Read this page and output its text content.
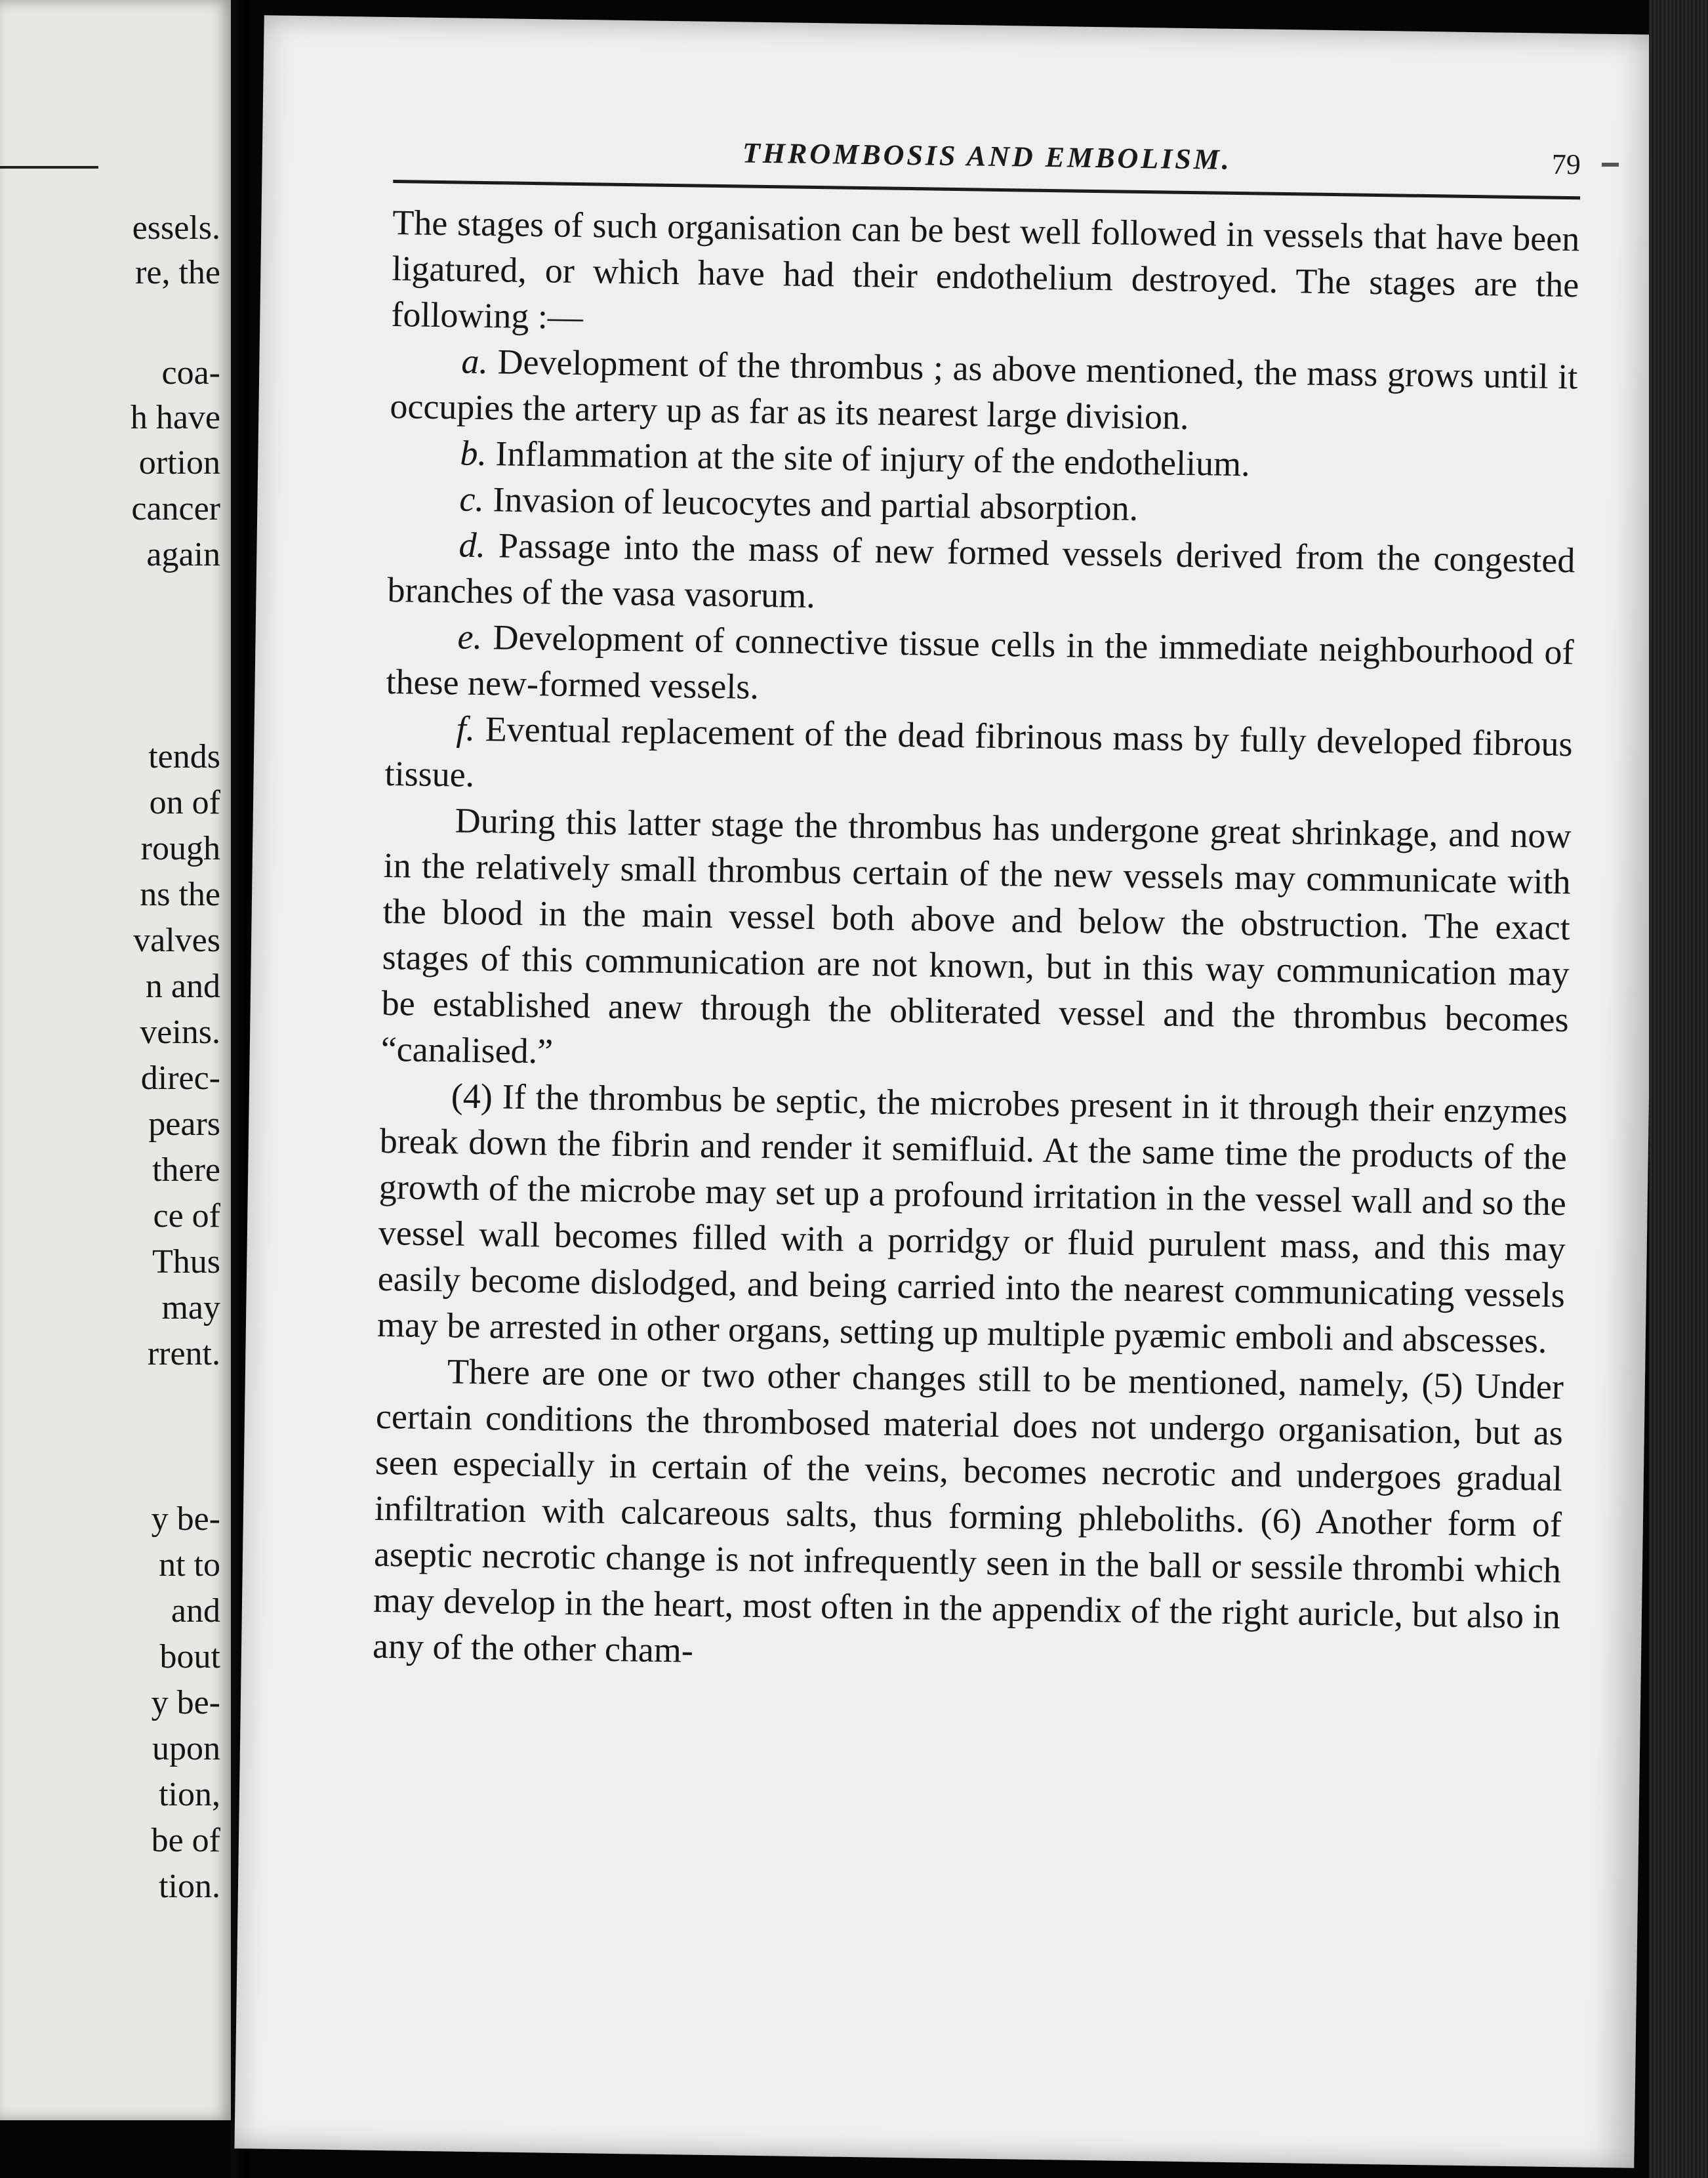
essels.
re, the
coa-
h have
ortion
cancer
again
tends
on of
rough
ns the
valves
n and
veins.
direc-
pears
there
ce of
Thus
may
rrent.
y be-
nt to
and
bout
y be-
upon
tion,
be of
tion.
THROMBOSIS AND EMBOLISM.	79

The stages of such organisation can be best well followed in vessels that have been ligatured, or which have had their endothelium destroyed. The stages are the following :—

a. Development of the thrombus ; as above mentioned, the mass grows until it occupies the artery up as far as its nearest large division.

b. Inflammation at the site of injury of the endothelium.

c. Invasion of leucocytes and partial absorption.

d. Passage into the mass of new formed vessels derived from the congested branches of the vasa vasorum.

e. Development of connective tissue cells in the immediate neighbourhood of these new-formed vessels.

f. Eventual replacement of the dead fibrinous mass by fully developed fibrous tissue.

During this latter stage the thrombus has undergone great shrinkage, and now in the relatively small thrombus certain of the new vessels may communicate with the blood in the main vessel both above and below the obstruction. The exact stages of this communication are not known, but in this way communication may be established anew through the obliterated vessel and the thrombus becomes “canalised.”

(4) If the thrombus be septic, the microbes present in it through their enzymes break down the fibrin and render it semifluid. At the same time the products of the growth of the microbe may set up a profound irritation in the vessel wall and so the vessel wall becomes filled with a porridgy or fluid purulent mass, and this may easily become dislodged, and being carried into the nearest communicating vessels may be arrested in other organs, setting up multiple pyæmic emboli and abscesses.

There are one or two other changes still to be mentioned, namely, (5) Under certain conditions the thrombosed material does not undergo organisation, but as seen especially in certain of the veins, becomes necrotic and undergoes gradual infiltration with calcareous salts, thus forming phleboliths. (6) Another form of aseptic necrotic change is not infrequently seen in the ball or sessile thrombi which may develop in the heart, most often in the appendix of the right auricle, but also in any of the other cham-
